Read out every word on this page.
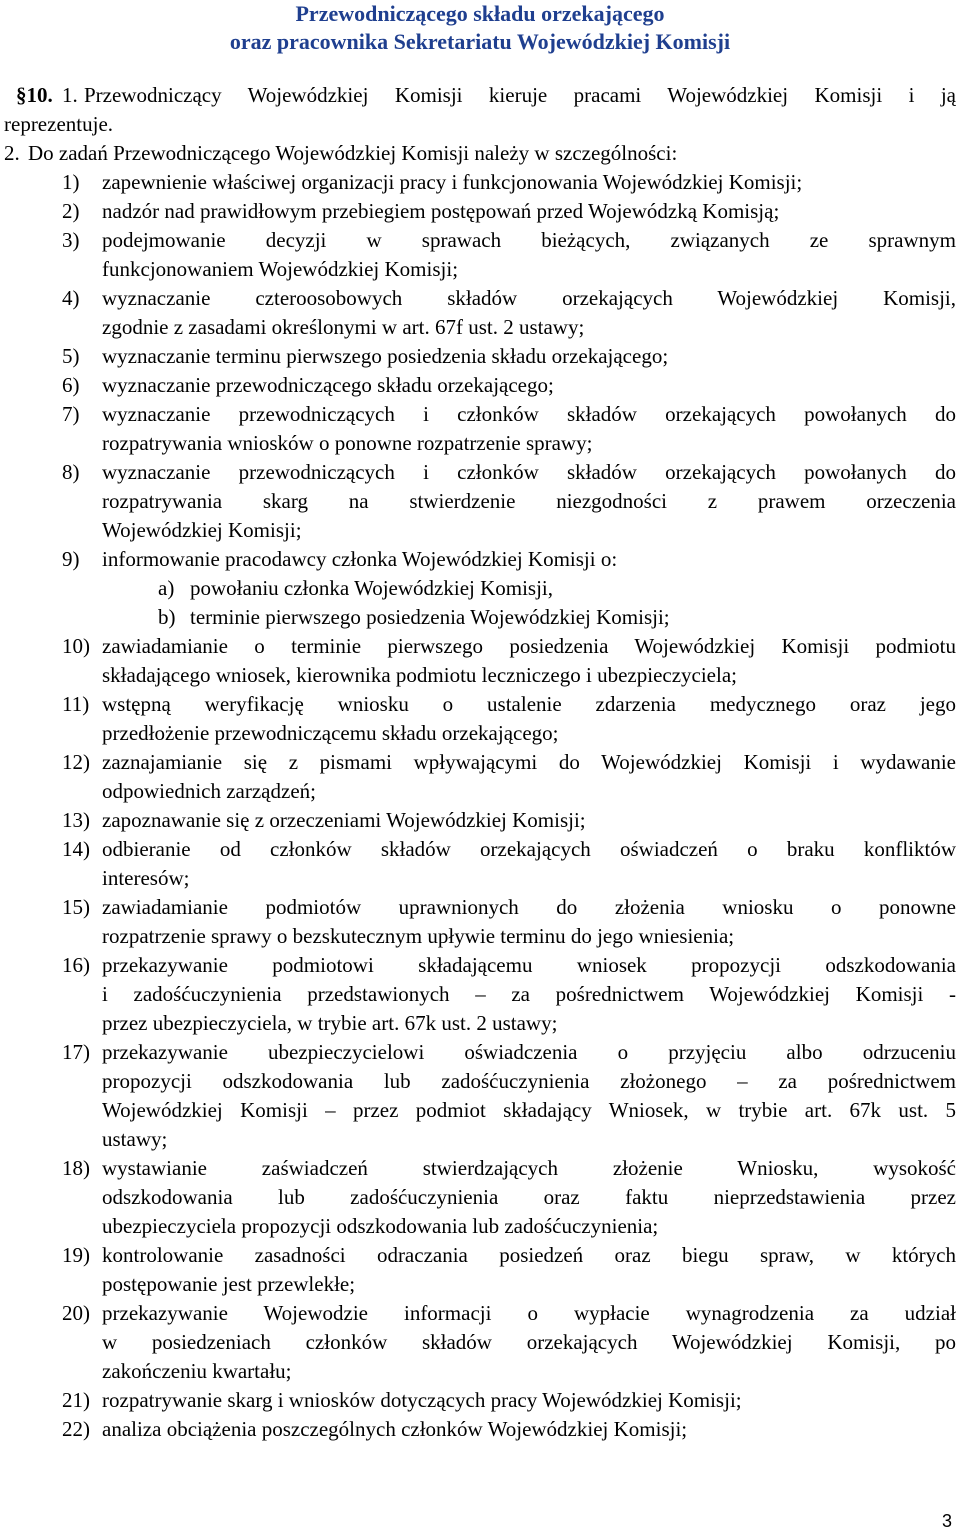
Przewodniczącego składu orzekającego
oraz pracownika Sekretariatu Wojewódzkiej Komisji
§10. 1. Przewodniczący Wojewódzkiej Komisji kieruje pracami Wojewódzkiej Komisji i ją
reprezentuje.
2. Do zadań Przewodniczącego Wojewódzkiej Komisji należy w szczególności:
1) zapewnienie właściwej organizacji pracy i funkcjonowania Wojewódzkiej Komisji;
2) nadzór nad prawidłowym przebiegiem postępowań przed Wojewódzką Komisją;
3) podejmowanie decyzji w sprawach bieżących, związanych ze sprawnym
funkcjonowaniem Wojewódzkiej Komisji;
4) wyznaczanie czteroosobowych składów orzekających Wojewódzkiej Komisji,
zgodnie z zasadami określonymi w art. 67f ust. 2 ustawy;
5) wyznaczanie terminu pierwszego posiedzenia składu orzekającego;
6) wyznaczanie przewodniczącego składu orzekającego;
7) wyznaczanie przewodniczących i członków składów orzekających powołanych do
rozpatrywania wniosków o ponowne rozpatrzenie sprawy;
8) wyznaczanie przewodniczących i członków składów orzekających powołanych do
rozpatrywania skarg na stwierdzenie niezgodności z prawem orzeczenia
Wojewódzkiej Komisji;
9) informowanie pracodawcy członka Wojewódzkiej Komisji o:
a) powołaniu członka Wojewódzkiej Komisji,
b) terminie pierwszego posiedzenia Wojewódzkiej Komisji;
10) zawiadamianie o terminie pierwszego posiedzenia Wojewódzkiej Komisji podmiotu
składającego wniosek, kierownika podmiotu leczniczego i ubezpieczyciela;
11) wstępną weryfikację wniosku o ustalenie zdarzenia medycznego oraz jego
przedłożenie przewodniczącemu składu orzekającego;
12) zaznajamianie się z pismami wpływającymi do Wojewódzkiej Komisji i wydawanie
odpowiednich zarządzeń;
13) zapoznawanie się z orzeczeniami Wojewódzkiej Komisji;
14) odbieranie od członków składów orzekających oświadczeń o braku konfliktów
interesów;
15) zawiadamianie podmiotów uprawnionych do złożenia wniosku o ponowne
rozpatrzenie sprawy o bezskutecznym upływie terminu do jego wniesienia;
16) przekazywanie podmiotowi składającemu wniosek propozycji odszkodowania
i zadośćuczynienia przedstawionych – za pośrednictwem Wojewódzkiej Komisji -
przez ubezpieczyciela, w trybie art. 67k ust. 2 ustawy;
17) przekazywanie ubezpieczycielowi oświadczenia o przyjęciu albo odrzuceniu
propozycji odszkodowania lub zadośćuczynienia złożonego – za pośrednictwem
Wojewódzkiej Komisji – przez podmiot składający Wniosek, w trybie art. 67k ust. 5
ustawy;
18) wystawianie zaświadczeń stwierdzających złożenie Wniosku, wysokość
odszkodowania lub zadośćuczynienia oraz faktu nieprzedstawienia przez
ubezpieczyciela propozycji odszkodowania lub zadośćuczynienia;
19) kontrolowanie zasadności odraczania posiedzeń oraz biegu spraw, w których
postępowanie jest przewlekłe;
20) przekazywanie Wojewodzie informacji o wypłacie wynagrodzenia za udział
w posiedzeniach członków składów orzekających Wojewódzkiej Komisji, po
zakończeniu kwartału;
21) rozpatrywanie skarg i wniosków dotyczących pracy Wojewódzkiej Komisji;
22) analiza obciążenia poszczególnych członków Wojewódzkiej Komisji;
3
